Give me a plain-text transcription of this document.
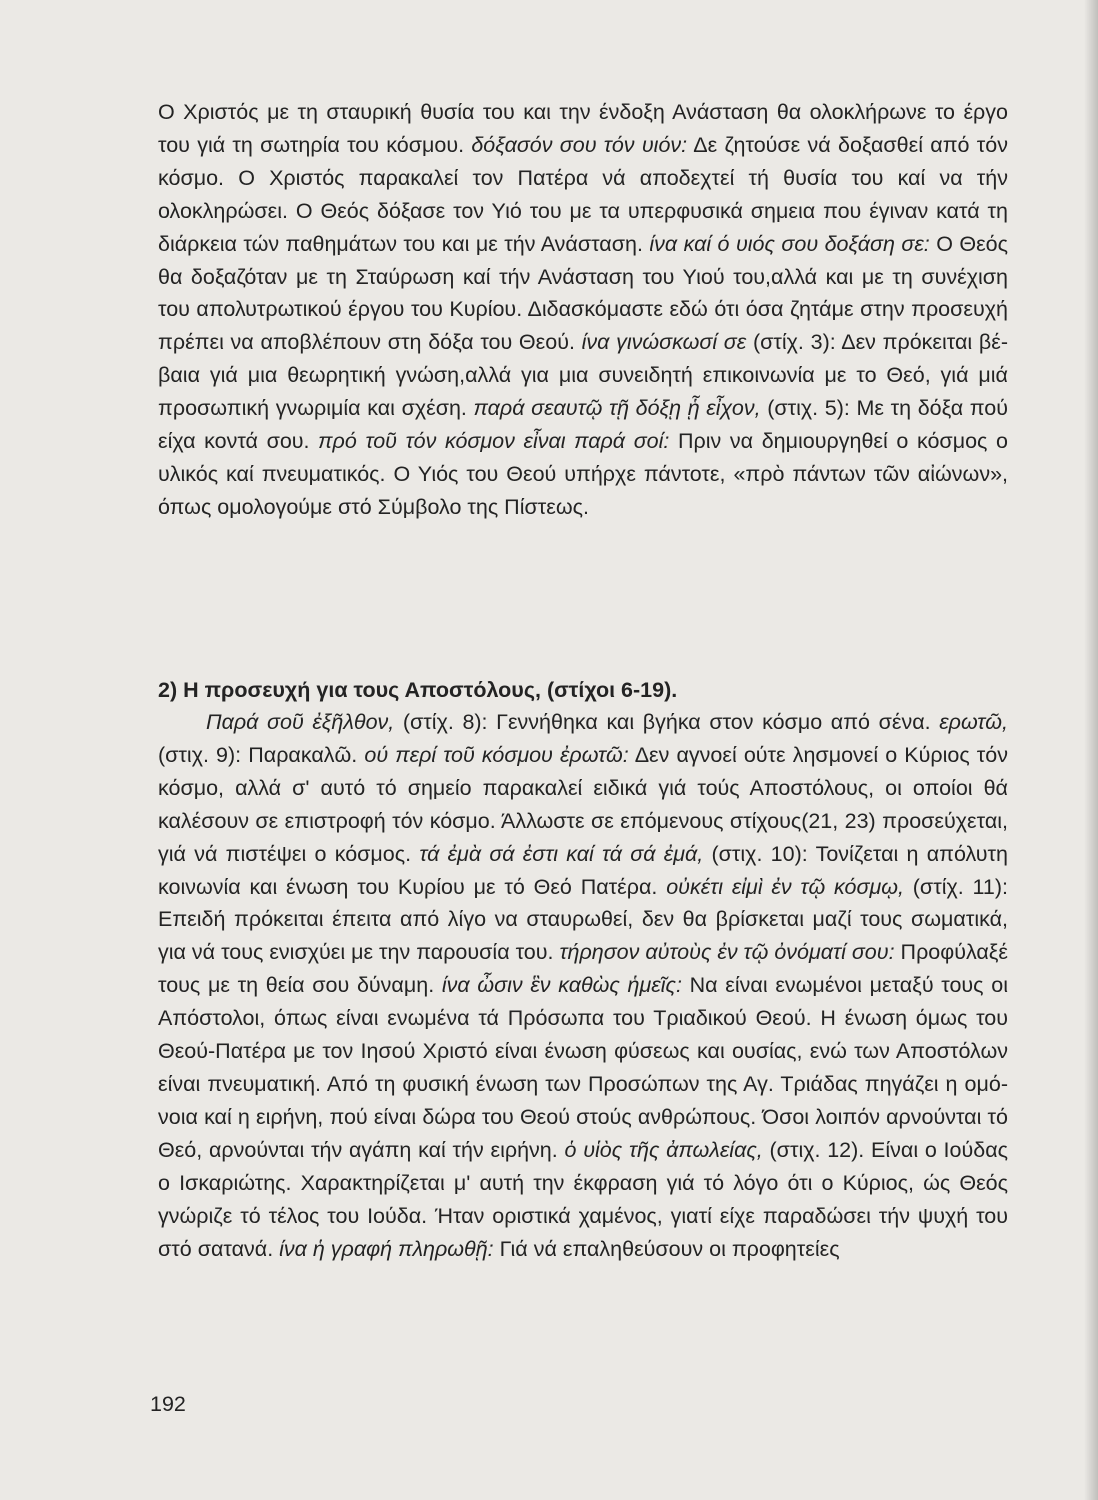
Ο Χριστός με τη σταυρική θυσία του και την ένδοξη Ανάσταση θα ολοκλήρωνε το έργο του γιά τη σωτηρία του κόσμου. δόξασόν σου τόν υιόν: Δε ζητούσε νά δοξασθεί από τόν κόσμο. Ο Χριστός παρακαλεί τον Πατέρα νά αποδεχτεί τή θυσία του καί να τήν ολοκληρώσει. Ο Θεός δόξασε τον Υιό του με τα υπερφυσικά σημεια που έγιναν κατά τη διάρκεια τών παθημάτων του και με τήν Ανάσταση. ίνα καί ό υιός σου δοξάση σε: Ο Θεός θα δοξαζόταν με τη Σταύρωση καί τήν Ανάσταση του Υιού του,αλλά και με τη συνέχιση του απολυτρωτικού έργου του Κυρίου. Διδασκόμαστε εδώ ότι όσα ζητάμε στην προσευχή πρέπει να αποβλέπουν στη δόξα του Θεού. ίνα γινώσκωσί σε (στίχ. 3): Δεν πρόκειται βέβαια γιά μια θεωρητική γνώση,αλλά για μια συνειδητή επικοινωνία με το Θεό, γιά μιά προσωπική γνωριμία και σχέση. παρά σεαυτῷ τῇ δόξῃ ᾗ εἶχον, (στιχ. 5): Με τη δόξα πού είχα κοντά σου. πρό τοῦ τόν κόσμον εἶναι παρά σοί: Πριν να δημιουργηθεί ο κόσμος ο υλικός καί πνευματικός. Ο Υιός του Θεού υπήρχε πάντοτε, «πρὸ πάντων τῶν αἰώνων», όπως ομολογούμε στό Σύμβολο της Πίστεως.

2) Η προσευχή για τους Αποστόλους, (στίχοι 6-19).

Παρά σοῦ ἐξῆλθον, (στίχ. 8): Γεννήθηκα και βγήκα στον κόσμο από σένα. ερωτῶ, (στιχ. 9): Παρακαλῶ. ού περί τοῦ κόσμου ἐρωτῶ: Δεν αγνοεί ούτε λησμονεί ο Κύριος τόν κόσμο, αλλά σ' αυτό τό σημείο παρακαλεί ειδικά γιά τούς Αποστόλους, οι οποίοι θά καλέσουν σε επιστροφή τόν κόσμο. Άλλωστε σε επόμενους στίχους(21, 23) προσεύχεται, γιά νά πιστέψει ο κόσμος. τά ἐμὰ σά ἐστι καί τά σά ἐμά, (στιχ. 10): Τονίζεται η απόλυτη κοινωνία και ένωση του Κυρίου με τό Θεό Πατέρα. οὐκέτι εἰμὶ ἐν τῷ κόσμῳ, (στίχ. 11): Επειδή πρόκειται έπειτα από λίγο να σταυρωθεί, δεν θα βρίσκεται μαζί τους σωματικά, για νά τους ενισχύει με την παρουσία του. τήρησον αὐτοὺς ἐν τῷ ὀνόματί σου: Προφύλαξέ τους με τη θεία σου δύναμη. ίνα ὦσιν ἓν καθὼς ἡμεῖς: Να είναι ενωμένοι μεταξύ τους οι Απόστολοι, όπως είναι ενωμένα τά Πρόσωπα του Τριαδικού Θεού. Η ένωση όμως του Θεού-Πατέρα με τον Ιησού Χριστό είναι ένωση φύσεως και ουσίας, ενώ των Αποστόλων είναι πνευματική. Από τη φυσική ένωση των Προσώπων της Αγ. Τριάδας πηγάζει η ομόνοια καί η ειρήνη, πού είναι δώρα του Θεού στούς ανθρώπους. Όσοι λοιπόν αρνούνται τό Θεό, αρνούνται τήν αγάπη καί τήν ειρήνη. ὁ υἱὸς τῆς ἀπωλείας, (στιχ. 12). Είναι ο Ιούδας ο Ισκαριώτης. Χαρακτηρίζεται μ' αυτή την έκφραση γιά τό λόγο ότι ο Κύριος, ώς Θεός γνώριζε τό τέλος του Ιούδα. Ήταν οριστικά χαμένος, γιατί είχε παραδώσει τήν ψυχή του στό σατανά. ίνα ἡ γραφή πληρωθῇ: Γιά νά επαληθεύσουν οι προφητείες

192
